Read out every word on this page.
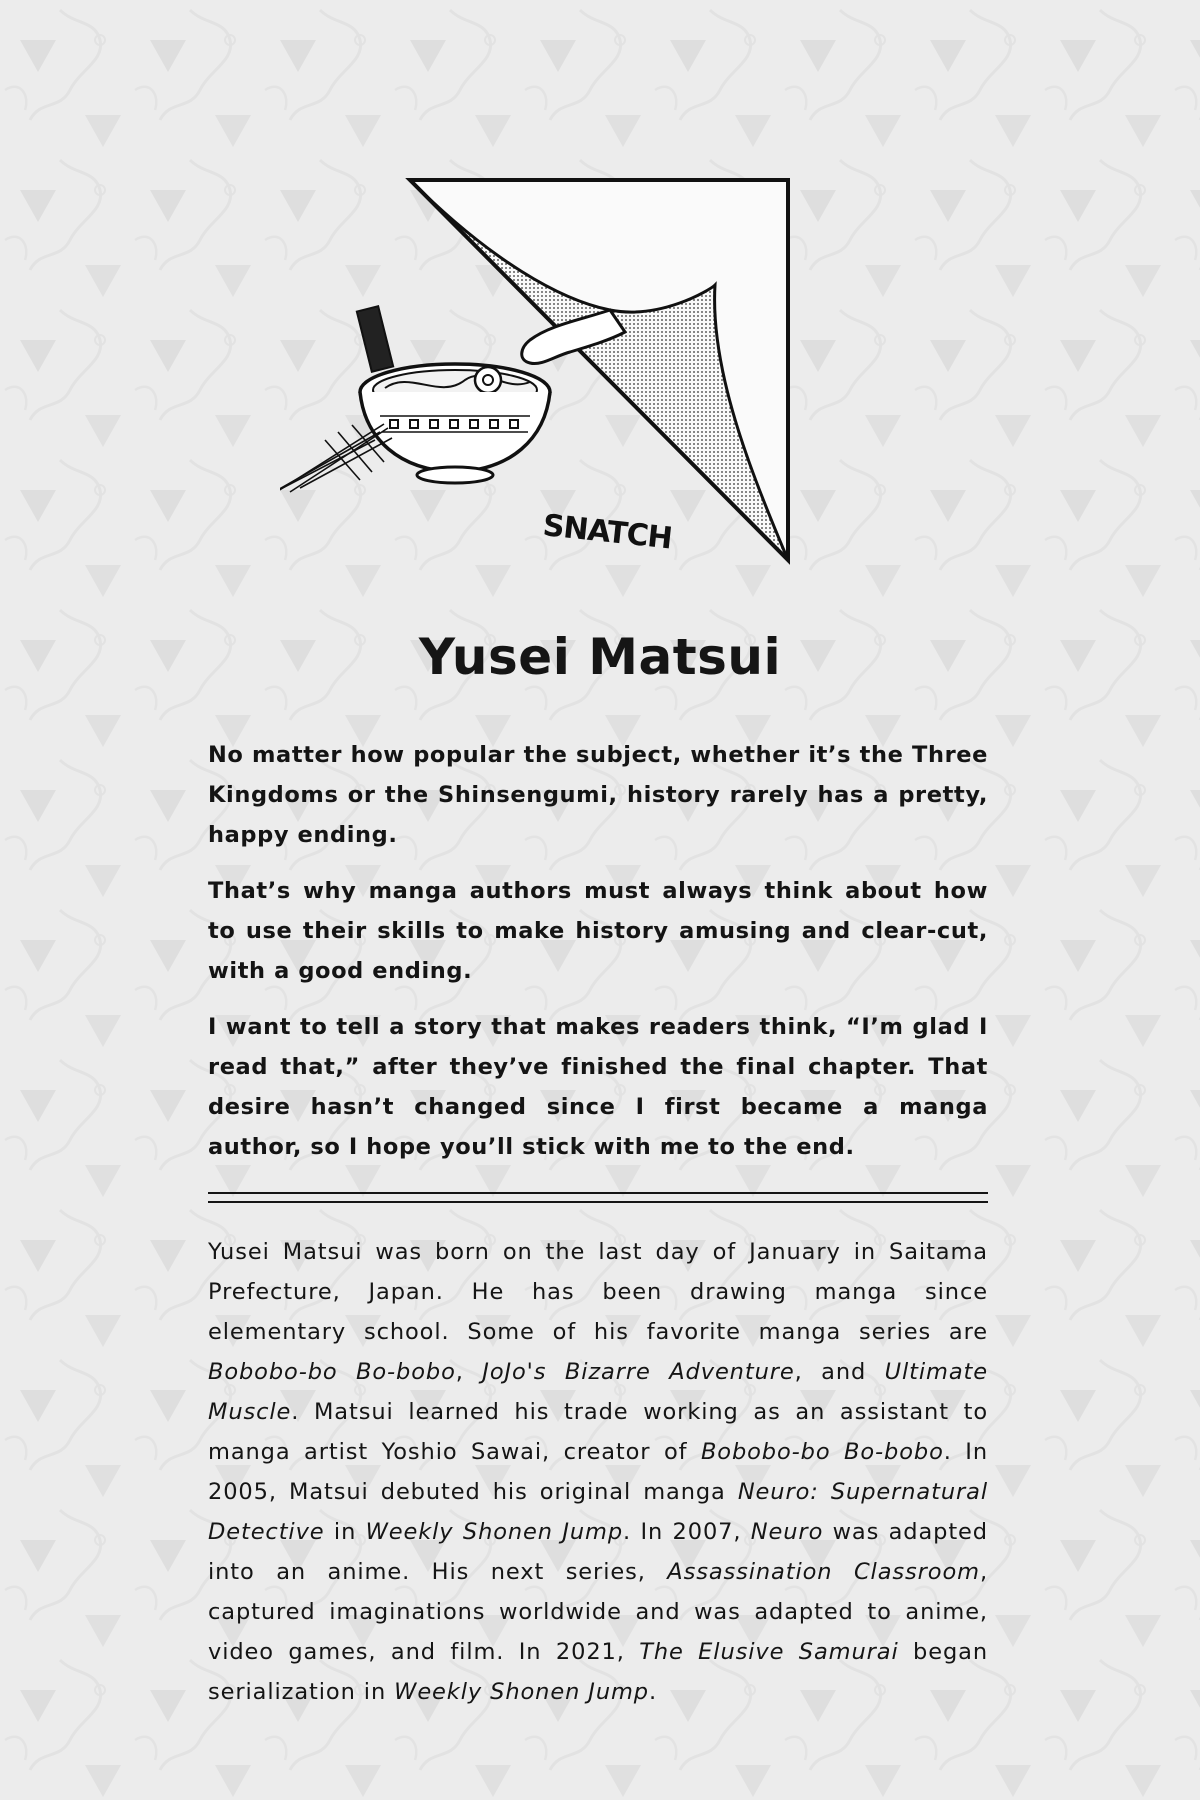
SNATCH
Yusei Matsui

No matter how popular the subject, whether it’s the Three Kingdoms or the Shinsengumi, history rarely has a pretty, happy ending.

That’s why manga authors must always think about how to use their skills to make history amusing and clear-cut, with a good ending.

I want to tell a story that makes readers think, “I’m glad I read that,” after they’ve finished the final chapter. That desire hasn’t changed since I first became a manga author, so I hope you’ll stick with me to the end.

Yusei Matsui was born on the last day of January in Saitama Prefecture, Japan. He has been drawing manga since elementary school. Some of his favorite manga series are Bobobo-bo Bo-bobo, JoJo's Bizarre Adventure, and Ultimate Muscle. Matsui learned his trade working as an assistant to manga artist Yoshio Sawai, creator of Bobobo-bo Bo-bobo. In 2005, Matsui debuted his original manga Neuro: Supernatural Detective in Weekly Shonen Jump. In 2007, Neuro was adapted into an anime. His next series, Assassination Classroom, captured imaginations worldwide and was adapted to anime, video games, and film. In 2021, The Elusive Samurai began serialization in Weekly Shonen Jump.
